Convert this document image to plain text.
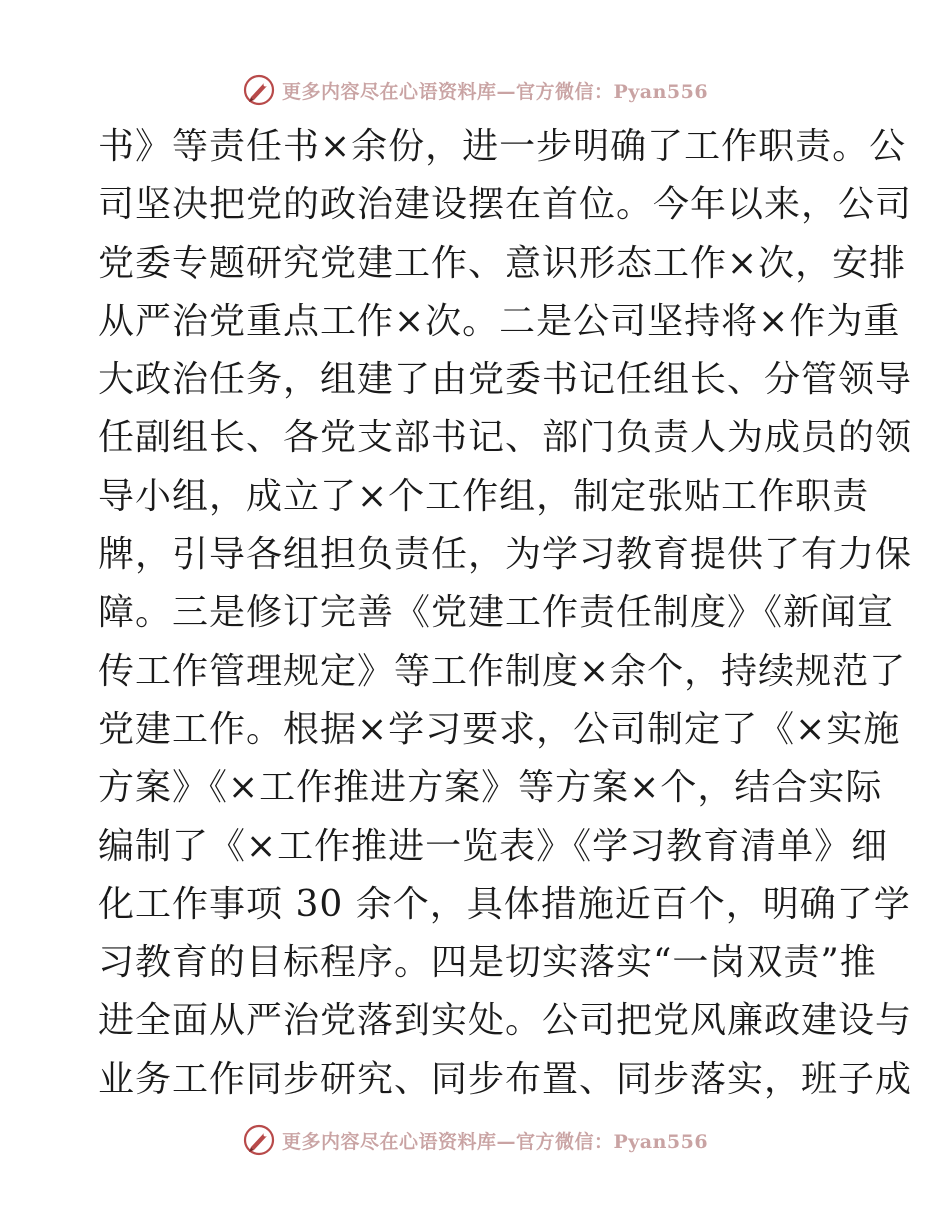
更多内容尽在心语资料库—官方微信：Pyan556
书》等责任书×余份，进一步明确了工作职责。公
司坚决把党的政治建设摆在首位。今年以来，公司
党委专题研究党建工作、意识形态工作×次，安排
从严治党重点工作×次。二是公司坚持将×作为重
大政治任务，组建了由党委书记任组长、分管领导
任副组长、各党支部书记、部门负责人为成员的领
导小组，成立了×个工作组，制定张贴工作职责
牌，引导各组担负责任，为学习教育提供了有力保
障。三是修订完善《党建工作责任制度》《新闻宣
传工作管理规定》等工作制度×余个，持续规范了
党建工作。根据×学习要求，公司制定了《×实施
方案》《×工作推进方案》等方案×个，结合实际
编制了《×工作推进一览表》《学习教育清单》细
化工作事项 30 余个，具体措施近百个，明确了学
习教育的目标程序。四是切实落实“一岗双责”推
进全面从严治党落到实处。公司把党风廉政建设与
业务工作同步研究、同步布置、同步落实，班子成
更多内容尽在心语资料库—官方微信：Pyan556
